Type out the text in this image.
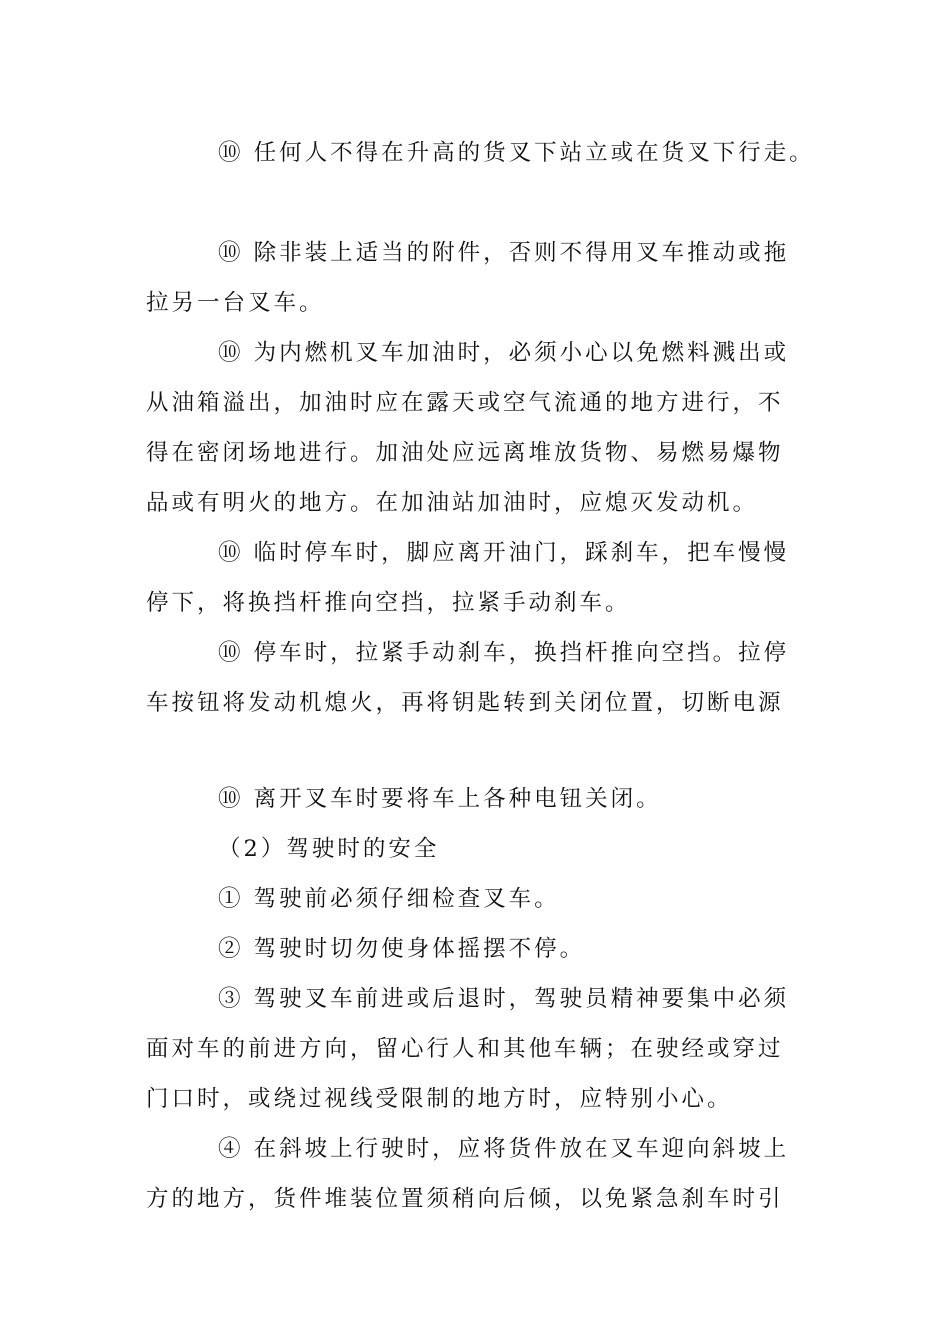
⑩ 任何人不得在升高的货叉下站立或在货叉下行走。

⑩ 除非装上适当的附件，否则不得用叉车推动或拖
拉另一台叉车。

⑩ 为内燃机叉车加油时，必须小心以免燃料溅出或
从油箱溢出，加油时应在露天或空气流通的地方进行，不
得在密闭场地进行。加油处应远离堆放货物、易燃易爆物
品或有明火的地方。在加油站加油时，应熄灭发动机。

⑩ 临时停车时，脚应离开油门，踩刹车，把车慢慢
停下，将换挡杆推向空挡，拉紧手动刹车。

⑩ 停车时，拉紧手动刹车，换挡杆推向空挡。拉停
车按钮将发动机熄火，再将钥匙转到关闭位置，切断电源

⑩ 离开叉车时要将车上各种电钮关闭。

（2）驾驶时的安全

① 驾驶前必须仔细检查叉车。

② 驾驶时切勿使身体摇摆不停。

③ 驾驶叉车前进或后退时，驾驶员精神要集中必须
面对车的前进方向，留心行人和其他车辆；在驶经或穿过
门口时，或绕过视线受限制的地方时，应特别小心。

④ 在斜坡上行驶时，应将货件放在叉车迎向斜坡上
方的地方，货件堆装位置须稍向后倾，以免紧急刹车时引
